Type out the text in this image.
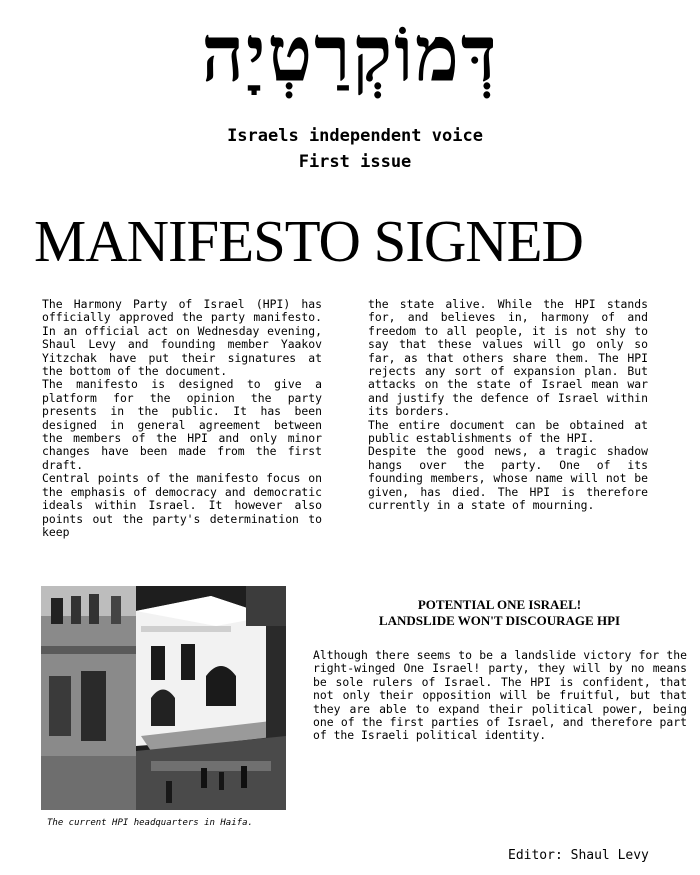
דְּמוֹקְרַטְיָה
Israels independent voice
First issue
MANIFESTO SIGNED

The Harmony Party of Israel (HPI) has officially approved the party manifesto. In an official act on Wednesday evening, Shaul Levy and founding member Yaakov Yitzchak have put their signatures at the bottom of the document.

The manifesto is designed to give a platform for the opinion the party presents in the public. It has been designed in general agreement between the members of the HPI and only minor changes have been made from the first draft.

Central points of the manifesto focus on the emphasis of democracy and democratic ideals within Israel. It however also points out the party's determination to keep

the state alive. While the HPI stands for, and believes in, harmony of and freedom to all people, it is not shy to say that these values will go only so far, as that others share them. The HPI rejects any sort of expansion plan. But attacks on the state of Israel mean war and justify the defence of Israel within its borders.

The entire document can be obtained at public establishments of the HPI.

Despite the good news, a tragic shadow hangs over the party. One of its founding members, whose name will not be given, has died. The HPI is therefore currently in a state of mourning.

The current HPI headquarters in Haifa.
POTENTIAL ONE ISRAEL!
LANDSLIDE WON'T DISCOURAGE HPI

Although there seems to be a landslide victory for the right-winged One Israel! party, they will by no means be sole rulers of Israel. The HPI is confident, that not only their opposition will be fruitful, but that they are able to expand their political power, being one of the first parties of Israel, and therefore part of the Israeli political identity.

Editor: Shaul Levy
